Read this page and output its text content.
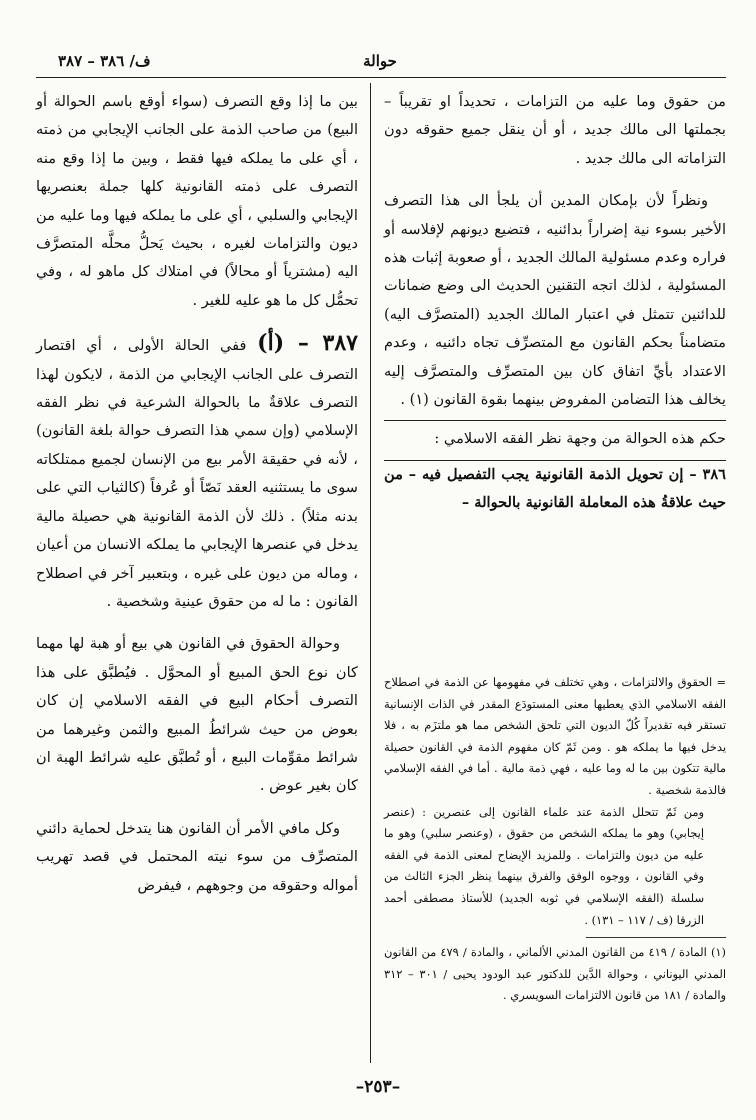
ف/ ٣٨٦ – ٣٨٧	حوالة

من حقوق وما عليه من التزامات ، تحديداً او تقريباً – بجملتها الى مالك جديد ، أو أن ينقل جميع حقوقه دون التزاماته الى مالك جديد .

ونظراً لأن بإمكان المدين أن يلجأ الى هذا التصرف الأخير بسوء نية إضراراً بدائنيه ، فتضيع ديونهم لإفلاسه أو فراره وعدم مسئولية المالك الجديد ، أو صعوبة إثبات هذه المسئولية ، لذلك اتجه التقنين الحديث الى وضع ضمانات للدائنين تتمثل في اعتبار المالك الجديد (المتصرَّف اليه) متضامناً بحكم القانون مع المتصرِّف تجاه دائنيه ، وعدم الاعتداد بأيِّ اتفاق كان بين المتصرِّف والمتصرَّف إليه يخالف هذا التضامن المفروض بينهما بقوة القانون (١) .

حكم هذه الحوالة من وجهة نظر الفقه الاسلامي :

٣٨٦ – إن تحويل الذمة القانونية يجب التفصيل فيه – من حيث علاقةُ هذه المعاملة القانونية بالحوالة –

= الحقوق والالتزامات ، وهي تختلف في مفهومها عن الذمة في اصطلاح الفقه الاسلامي الذي يعطيها معنى المستودَع المقدر في الذات الإنسانية تستقر فيه تقديراً كُلّ الديون التي تلحق الشخص مما هو ملتزَم به ، فلا يدخل فيها ما يملكه هو . ومن ثَمّ كان مفهوم الذمة في القانون حصيلة مالية تتكون بين ما له وما عليه ، فهي ذمة مالية . أما في الفقه الإسلامي فالذمة شخصية .

ومن ثَمّ تتحلل الذمة عند علماء القانون إلى عنصرين : (عنصر إيجابي) وهو ما يملكه الشخص من حقوق ، (وعنصر سلبي) وهو ما عليه من ديون والتزامات . وللمزيد الإيضاح لمعنى الذمة في الفقه وفي القانون ، ووجوه الوفق والفرق بينهما ينظر الجزء الثالث من سلسلة (الفقه الإسلامي في ثوبه الجديد) للأستاذ مصطفى أحمد الزرقا (ف / ١١٧ – ١٣١) .

(١) المادة / ٤١٩ من القانون المدني الألماني ، والمادة / ٤٧٩ من القانون المدني اليوناني ، وحوالة الدَّين للدكتور عبد الودود يحيى / ٣٠١ – ٣١٢ والمادة / ١٨١ من قانون الالتزامات السويسري .

بين ما إذا وقع التصرف (سواء أوقع باسم الحوالة أو البيع) من صاحب الذمة على الجانب الإيجابي من ذمته ، أي على ما يملكه فيها فقط ، وبين ما إذا وقع منه التصرف على ذمته القانونية كلها جملة بعنصريها الإيجابي والسلبي ، أي على ما يملكه فيها وما عليه من ديون والتزامات لغيره ، بحيث يَحلُّ محلَّه المتصرَّف اليه (مشترياً أو محالاً) في امتلاك كل ماهو له ، وفي تحمُّل كل ما هو عليه للغير .

٣٨٧ – (أ) ففي الحالة الأولى ، أي اقتصار التصرف على الجانب الإيجابي من الذمة ، لايكون لهذا التصرف علاقةٌ ما بالحوالة الشرعية في نظر الفقه الإسلامي (وإن سمي هذا التصرف حوالة بلغة القانون) ، لأنه في حقيقة الأمر بيع من الإنسان لجميع ممتلكاته سوى ما يستثنيه العقد نَصّاً أو عُرفاً (كالثياب التي على بدنه مثلاً) . ذلك لأن الذمة القانونية هي حصيلة مالية يدخل في عنصرها الإيجابي ما يملكه الانسان من أعيان ، وماله من ديون على غيره ، وبتعبير آخر في اصطلاح القانون : ما له من حقوق عينية وشخصية .

وحوالة الحقوق في القانون هي بيع أو هبة لها مهما كان نوع الحق المبيع أو المحوَّل . فيُطبَّق على هذا التصرف أحكام البيع في الفقه الاسلامي إن كان بعوض من حيث شرائطُ المبيع والثمن وغيرهما من شرائط مقوِّمات البيع ، أو تُطبَّق عليه شرائط الهبة ان كان بغير عوض .

وكل مافي الأمر أن القانون هنا يتدخل لحماية دائني المتصرِّف من سوء نيته المحتمل في قصد تهريب أمواله وحقوقه من وجوههم ، فيفرض

–٢٥٣–
